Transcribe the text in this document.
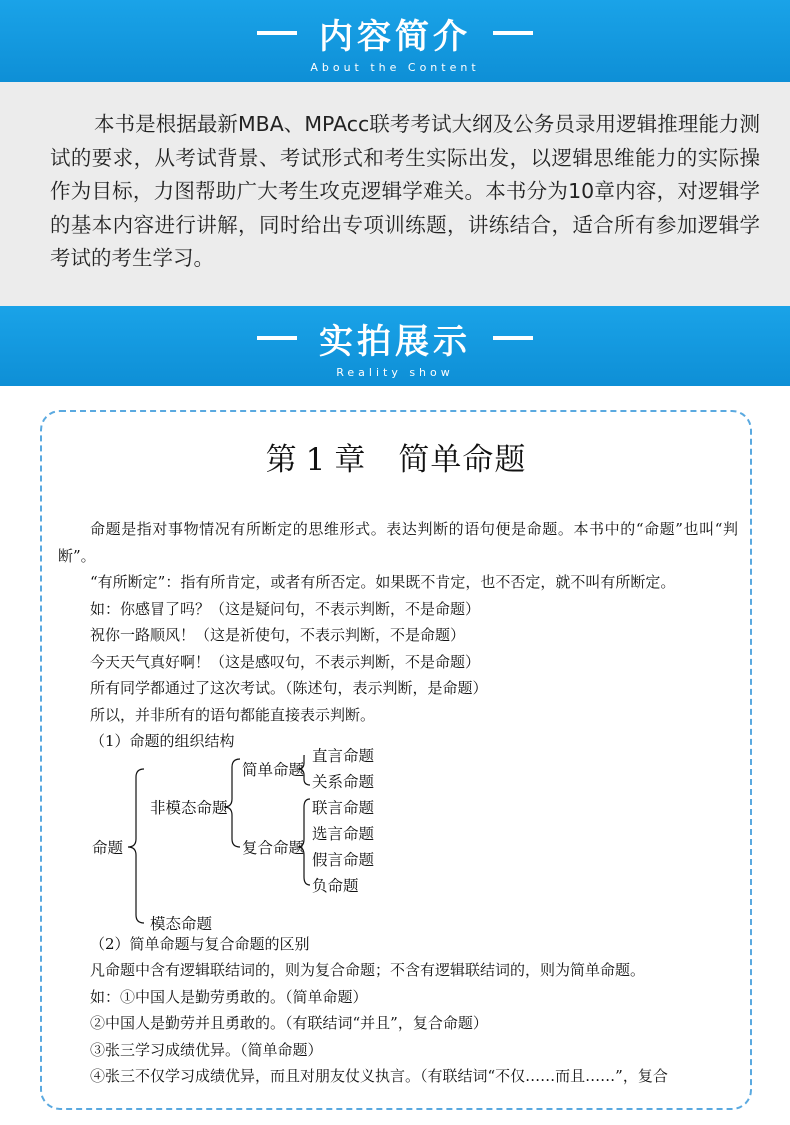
内容简介
About the Content

本书是根据最新MBA、MPAcc联考考试大纲及公务员录用逻辑推理能力测试的要求，从考试背景、考试形式和考生实际出发，以逻辑思维能力的实际操作为目标，力图帮助广大考生攻克逻辑学难关。本书分为10章内容，对逻辑学的基本内容进行讲解，同时给出专项训练题，讲练结合，适合所有参加逻辑学考试的考生学习。

实拍展示
Reality show
第 1 章 简单命题
命题是指对事物情况有所断定的思维形式。表达判断的语句便是命题。本书中的“命题”也叫“判断”。
“有所断定”：指有所肯定，或者有所否定。如果既不肯定，也不否定，就不叫有所断定。
如：你感冒了吗？（这是疑问句，不表示判断，不是命题）
祝你一路顺风！（这是祈使句，不表示判断，不是命题）
今天天气真好啊！（这是感叹句，不表示判断，不是命题）
所有同学都通过了这次考试。（陈述句，表示判断，是命题）
所以，并非所有的语句都能直接表示判断。
（1）命题的组织结构
命题
非模态命题
模态命题
简单命题
复合命题
直言命题
关系命题
联言命题
选言命题
假言命题
负命题
（2）简单命题与复合命题的区别
凡命题中含有逻辑联结词的，则为复合命题；不含有逻辑联结词的，则为简单命题。
如：①中国人是勤劳勇敢的。（简单命题）
②中国人是勤劳并且勇敢的。（有联结词“并且”，复合命题）
③张三学习成绩优异。（简单命题）
④张三不仅学习成绩优异，而且对朋友仗义执言。（有联结词“不仅……而且……”，复合
